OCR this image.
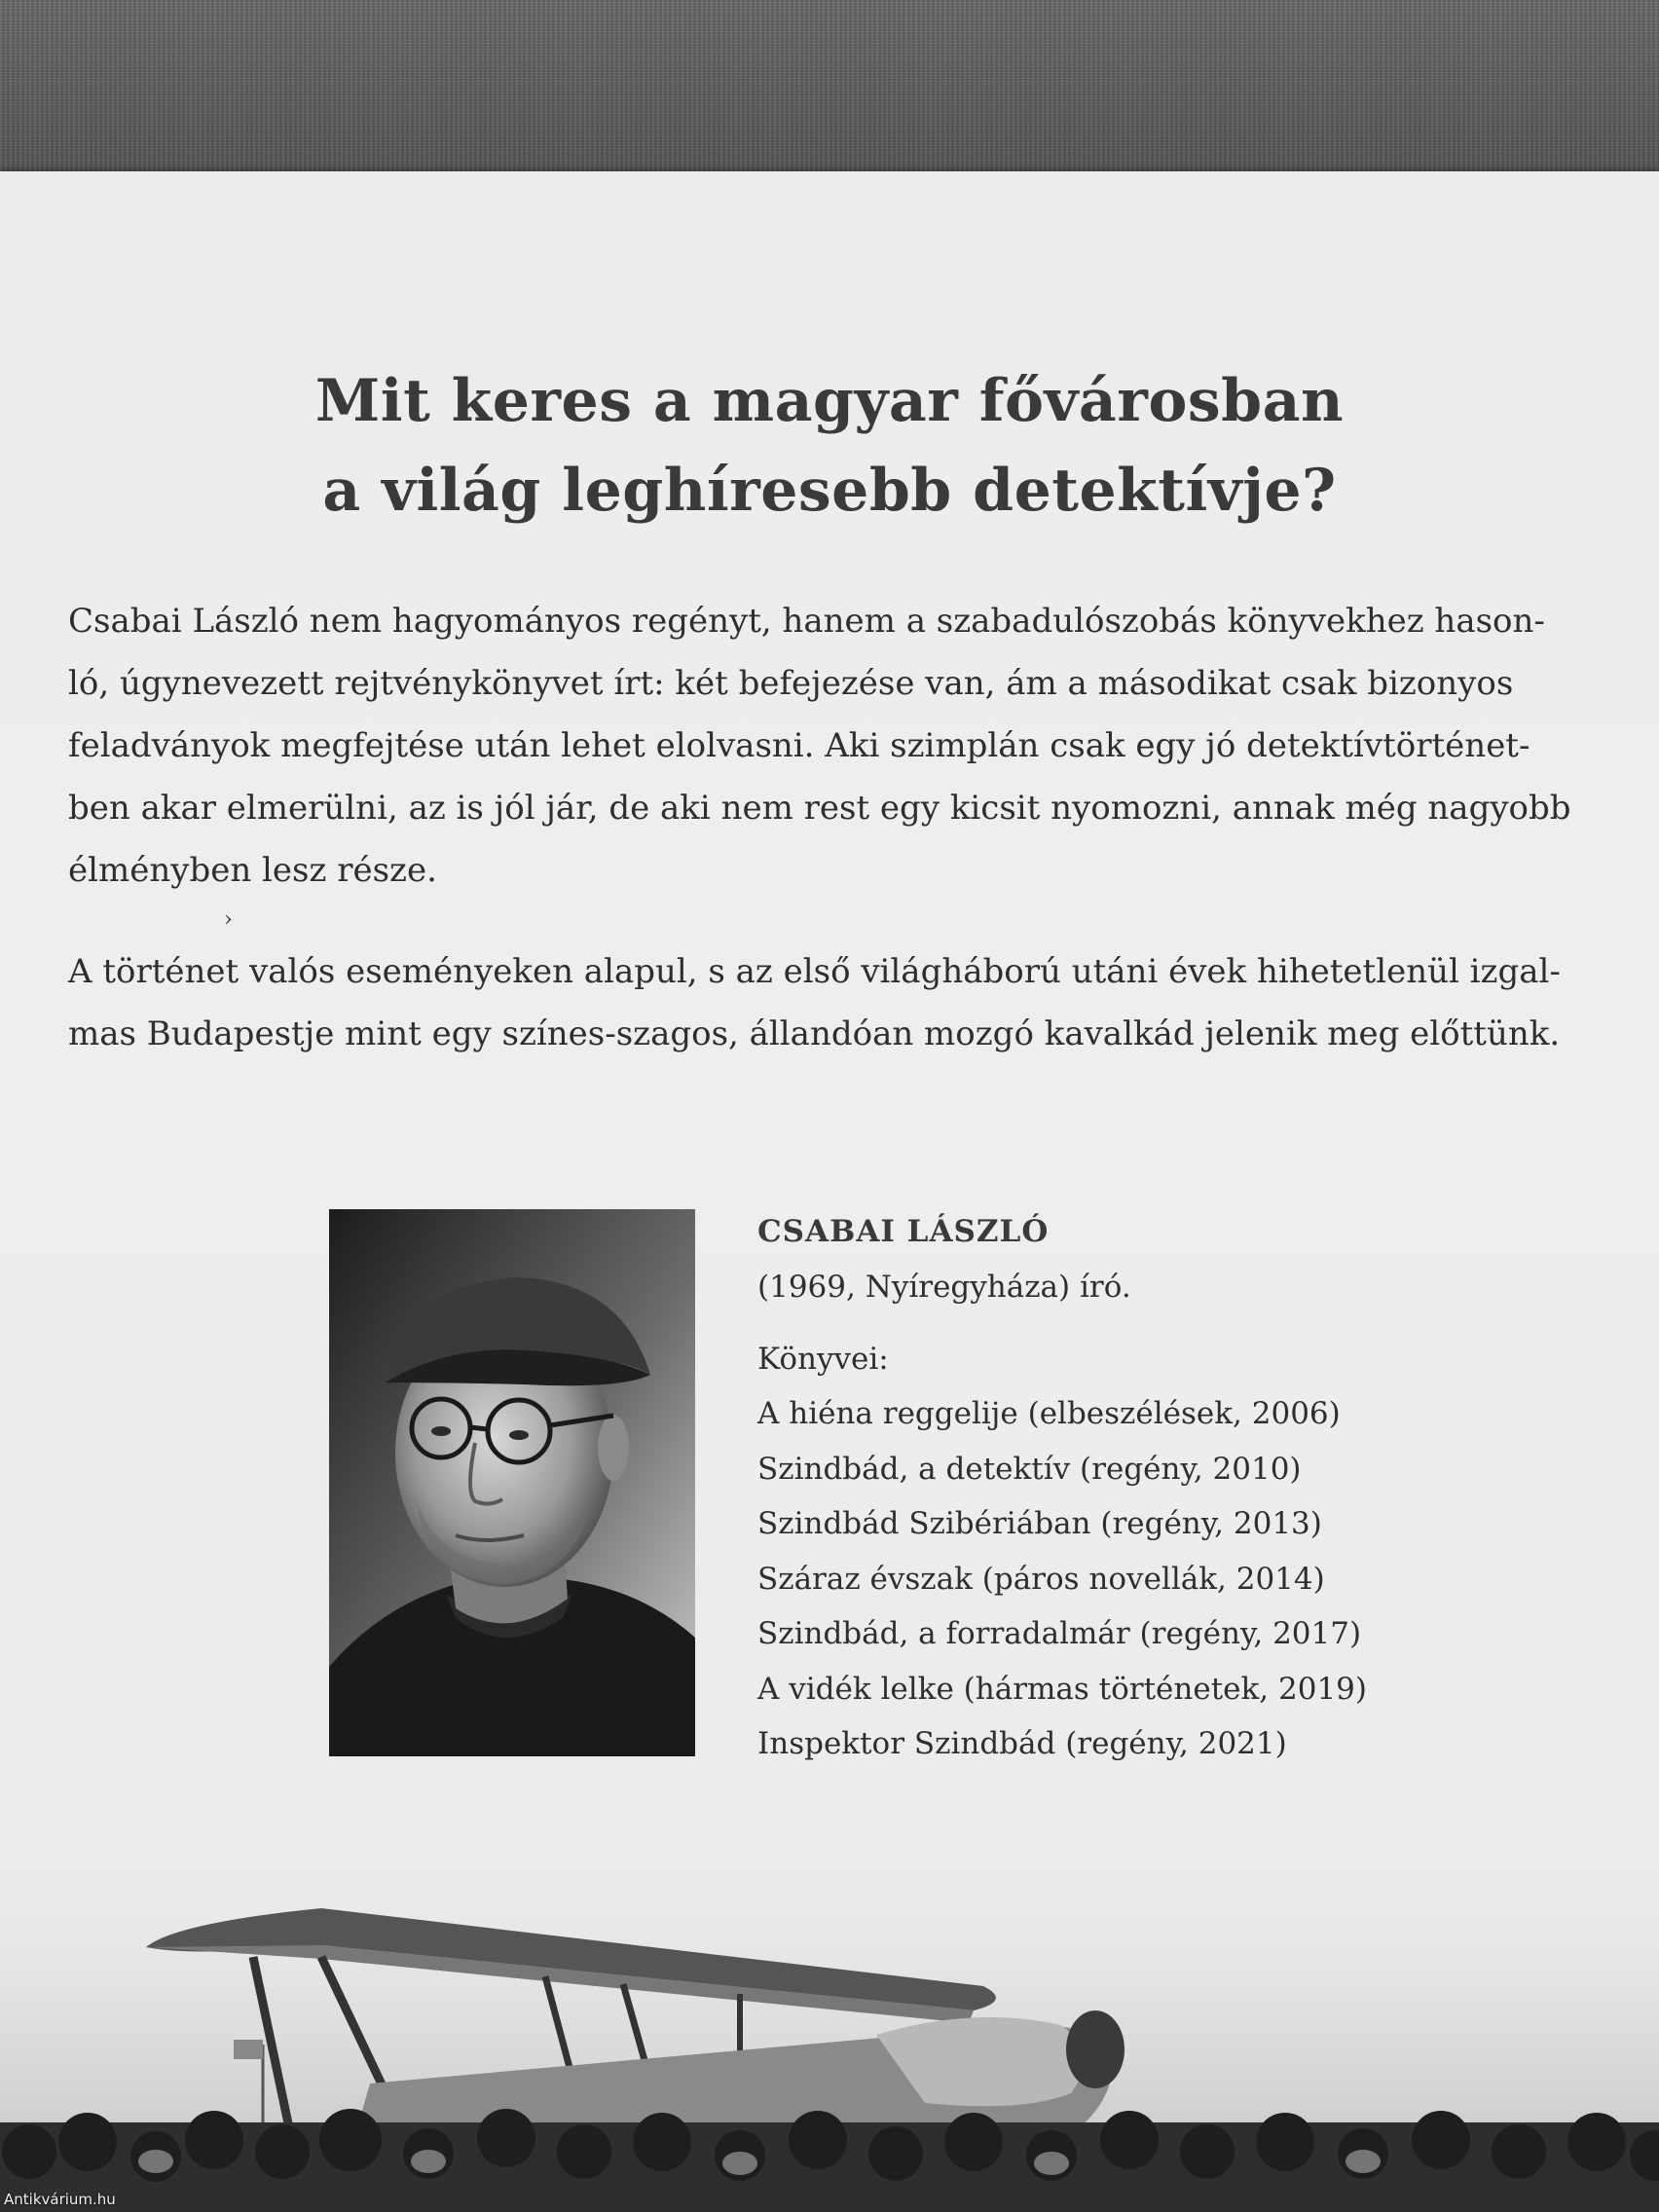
Mit keres a magyar fővárosban
a világ leghíresebb detektívje?
Csabai László nem hagyományos regényt, hanem a szabadulószobás könyvekhez hason-
ló, úgynevezett rejtvénykönyvet írt: két befejezése van, ám a másodikat csak bizonyos
feladványok megfejtése után lehet elolvasni. Aki szimplán csak egy jó detektívtörténet-
ben akar elmerülni, az is jól jár, de aki nem rest egy kicsit nyomozni, annak még nagyobb
élményben lesz része.
›
A történet valós eseményeken alapul, s az első világháború utáni évek hihetetlenül izgal-
mas Budapestje mint egy színes-szagos, állandóan mozgó kavalkád jelenik meg előttünk.
CSABAI LÁSZLÓ
(1969, Nyíregyháza) író.
Könyvei:
A hiéna reggelije (elbeszélések, 2006)
Szindbád, a detektív (regény, 2010)
Szindbád Szibériában (regény, 2013)
Száraz évszak (páros novellák, 2014)
Szindbád, a forradalmár (regény, 2017)
A vidék lelke (hármas történetek, 2019)
Inspektor Szindbád (regény, 2021)
Antikvárium.hu
